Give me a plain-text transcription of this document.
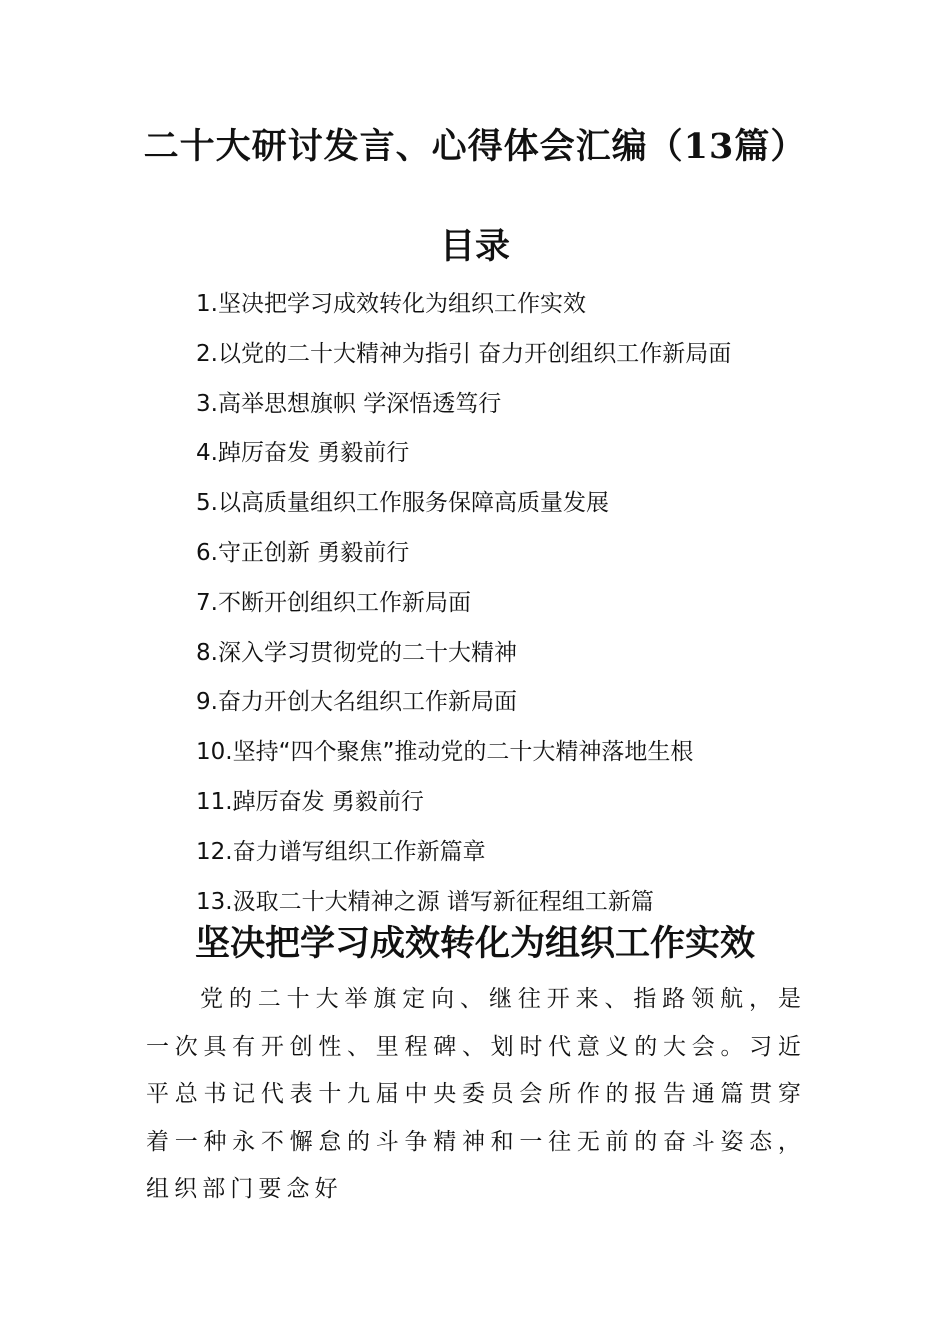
二十大研讨发言、心得体会汇编（13篇）
目录
1.坚决把学习成效转化为组织工作实效
2.以党的二十大精神为指引 奋力开创组织工作新局面
3.高举思想旗帜 学深悟透笃行
4.踔厉奋发 勇毅前行
5.以高质量组织工作服务保障高质量发展
6.守正创新 勇毅前行
7.不断开创组织工作新局面
8.深入学习贯彻党的二十大精神
9.奋力开创大名组织工作新局面
10.坚持“四个聚焦”推动党的二十大精神落地生根
11.踔厉奋发 勇毅前行
12.奋力谱写组织工作新篇章
13.汲取二十大精神之源 谱写新征程组工新篇
坚决把学习成效转化为组织工作实效

党的二十大举旗定向、继往开来、指路领航，是一次具有开创性、里程碑、划时代意义的大会。习近平总书记代表十九届中央委员会所作的报告通篇贯穿着一种永不懈怠的斗争精神和一往无前的奋斗姿态，组织部门要念好
